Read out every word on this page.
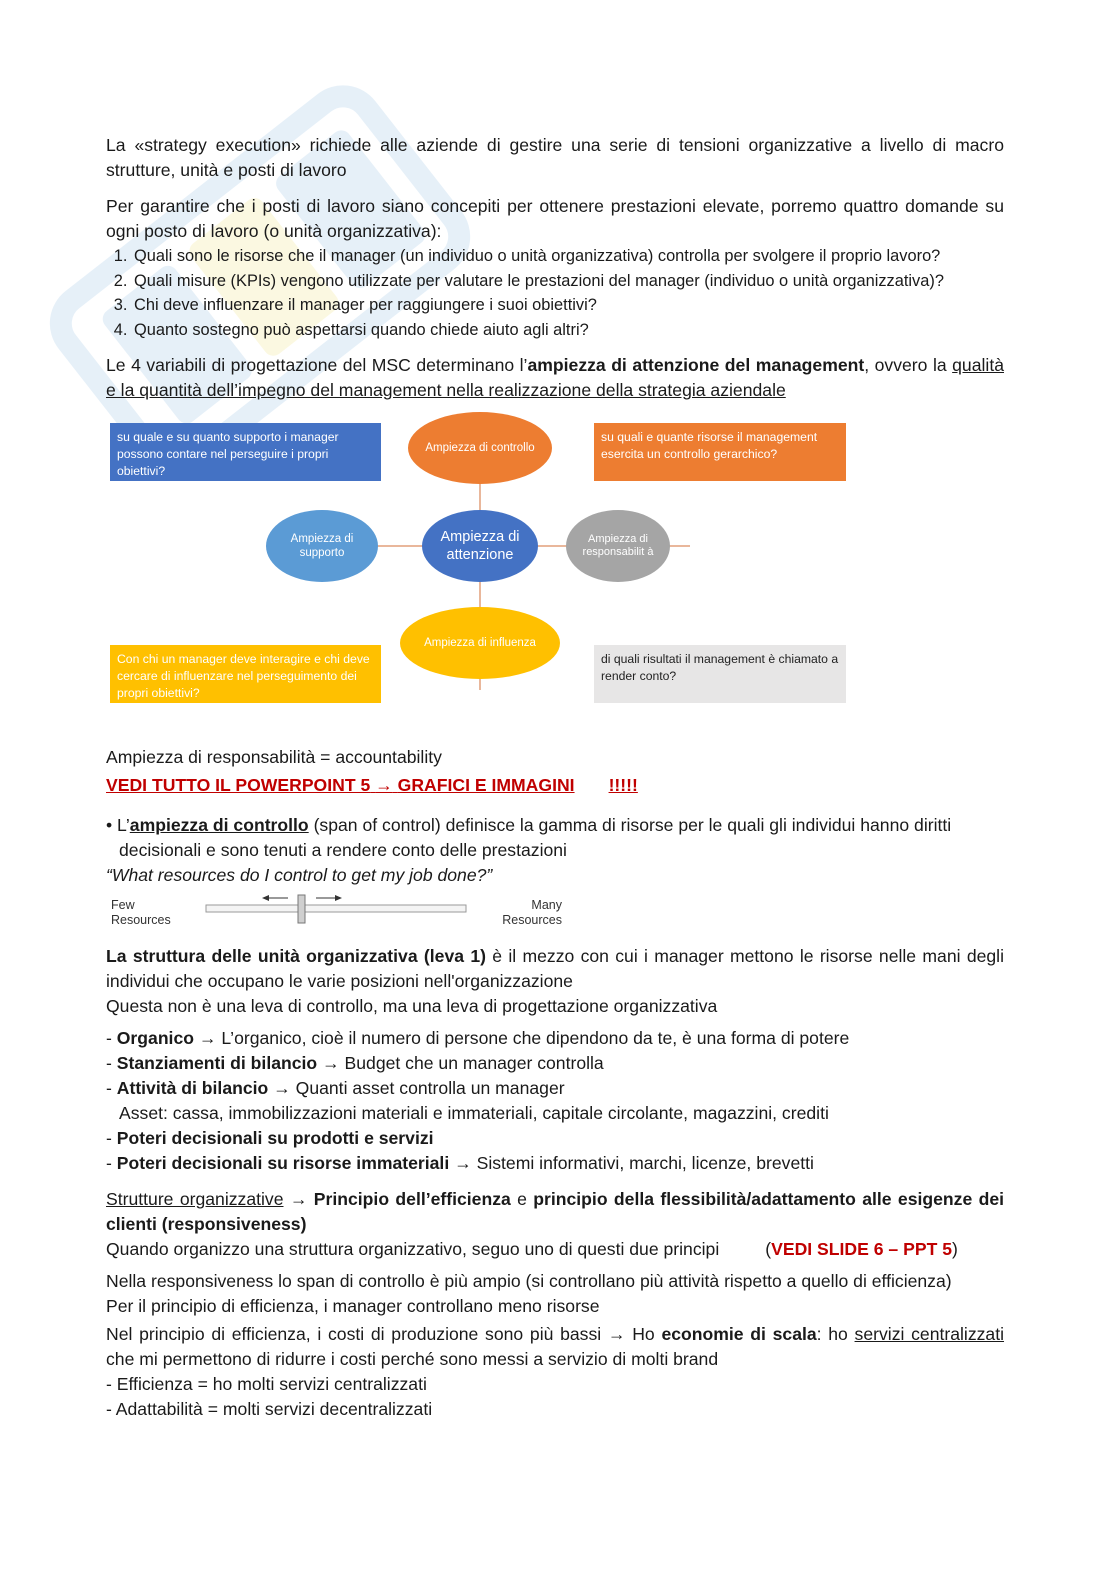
La «strategy execution» richiede alle aziende di gestire una serie di tensioni organizzative a livello di macro strutture, unità e posti di lavoro

Per garantire che i posti di lavoro siano concepiti per ottenere prestazioni elevate, porremo quattro domande su ogni posto di lavoro (o unità organizzativa):

1. Quali sono le risorse che il manager (un individuo o unità organizzativa) controlla per svolgere il proprio lavoro?
2. Quali misure (KPIs) vengono utilizzate per valutare le prestazioni del manager (individuo o unità organizzativa)?
3. Chi deve influenzare il manager per raggiungere i suoi obiettivi?
4. Quanto sostegno può aspettarsi quando chiede aiuto agli altri?

Le 4 variabili di progettazione del MSC determinano l’ampiezza di attenzione del management, ovvero la qualità e la quantità dell’impegno del management nella realizzazione della strategia aziendale

su quale e su quanto supporto i manager possono contare nel perseguire i propri obiettivi?
su quali e quante risorse il management esercita un controllo gerarchico?
Con chi un manager deve interagire e chi deve cercare di influenzare nel perseguimento dei propri obiettivi?
di quali risultati il management è chiamato a render conto?
Ampiezza di controllo
Ampiezza di supporto
Ampiezza di attenzione
Ampiezza di responsabilit à
Ampiezza di influenza

Ampiezza di responsabilità = accountability

VEDI TUTTO IL POWERPOINT 5 → GRAFICI E IMMAGINI !!!!!

• L’ampiezza di controllo (span of control) definisce la gamma di risorse per le quali gli individui hanno diritti decisionali e sono tenuti a rendere conto delle prestazioni

“What resources do I control to get my job done?”

Few
Resources
Many
Resources

La struttura delle unità organizzativa (leva 1) è il mezzo con cui i manager mettono le risorse nelle mani degli individui che occupano le varie posizioni nell'organizzazione

Questa non è una leva di controllo, ma una leva di progettazione organizzativa

- Organico → L’organico, cioè il numero di persone che dipendono da te, è una forma di potere

- Stanziamenti di bilancio → Budget che un manager controlla

- Attività di bilancio → Quanti asset controlla un manager

Asset: cassa, immobilizzazioni materiali e immateriali, capitale circolante, magazzini, crediti

- Poteri decisionali su prodotti e servizi

- Poteri decisionali su risorse immateriali → Sistemi informativi, marchi, licenze, brevetti

Strutture organizzative → Principio dell’efficienza e principio della flessibilità/adattamento alle esigenze dei clienti (responsiveness)

Quando organizzo una struttura organizzativo, seguo uno di questi due principi	(VEDI SLIDE 6 – PPT 5)

Nella responsiveness lo span di controllo è più ampio (si controllano più attività rispetto a quello di efficienza)

Per il principio di efficienza, i manager controllano meno risorse

Nel principio di efficienza, i costi di produzione sono più bassi → Ho economie di scala: ho servizi centralizzati che mi permettono di ridurre i costi perché sono messi a servizio di molti brand

- Efficienza = ho molti servizi centralizzati

- Adattabilità = molti servizi decentralizzati
